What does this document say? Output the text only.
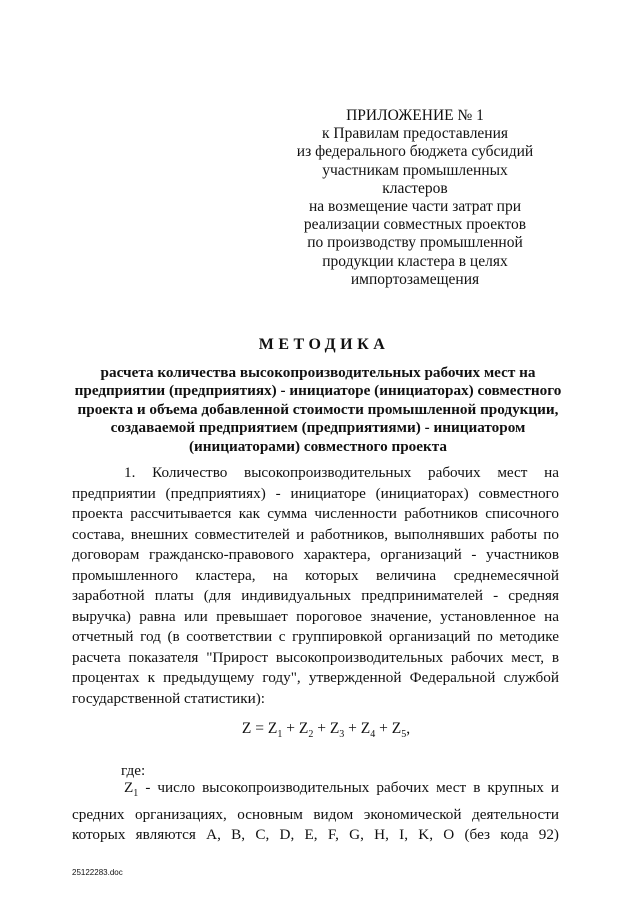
ПРИЛОЖЕНИЕ № 1
к Правилам предоставления
из федерального бюджета субсидий
участникам промышленных кластеров
на возмещение части затрат при
реализации совместных проектов
по производству промышленной
продукции кластера в целях
импортозамещения
МЕТОДИКА
расчета количества высокопроизводительных рабочих мест на
предприятии (предприятиях) - инициаторе (инициаторах) совместного
проекта и объема добавленной стоимости промышленной продукции,
создаваемой предприятием (предприятиями) - инициатором
(инициаторами) совместного проекта
1. Количество высокопроизводительных рабочих мест на
предприятии (предприятиях) - инициаторе (инициаторах) совместного
проекта рассчитывается как сумма численности работников списочного
состава, внешних совместителей и работников, выполнявших работы по
договорам гражданско-правового характера, организаций - участников
промышленного кластера, на которых величина среднемесячной
заработной платы (для индивидуальных предпринимателей - средняя
выручка) равна или превышает пороговое значение, установленное на
отчетный год (в соответствии с группировкой организаций по методике
расчета показателя "Прирост высокопроизводительных рабочих мест, в
процентах к предыдущему году", утвержденной Федеральной службой
государственной статистики):
$Z = Z_1 + Z_2 + Z_3 + Z_4 + Z_5$,
где:
$Z_1$ - число высокопроизводительных рабочих мест в крупных и
средних организациях, основным видом экономической деятельности
которых являются A, B, C, D, E, F, G, H, I, K, O (без кода 92)
25122283.doc
